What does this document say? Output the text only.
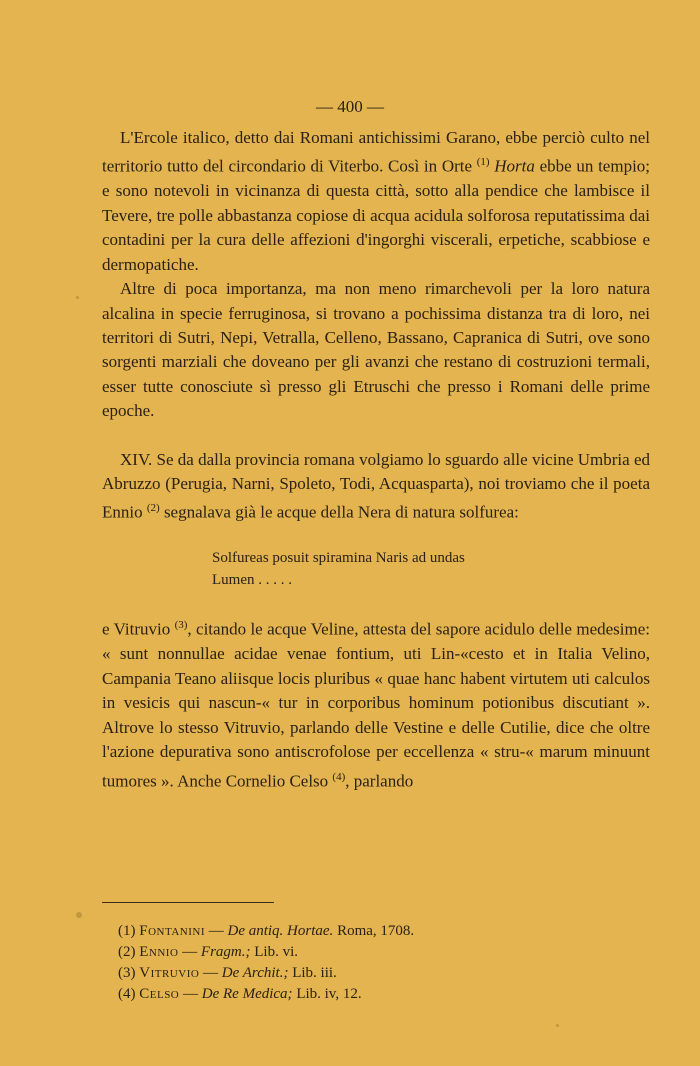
— 400 —

L'Ercole italico, detto dai Romani antichissimi Garano, ebbe perciò culto nel territorio tutto del circondario di Viterbo. Così in Orte $^{(1)}$ Horta ebbe un tempio; e sono notevoli in vicinanza di questa città, sotto alla pendice che lambisce il Tevere, tre polle abbastanza copiose di acqua acidula solforosa reputatissima dai contadini per la cura delle affezioni d'ingorghi viscerali, erpetiche, scabbiose e dermopatiche.

Altre di poca importanza, ma non meno rimarchevoli per la loro natura alcalina in specie ferruginosa, si trovano a pochissima distanza tra di loro, nei territori di Sutri, Nepi, Vetralla, Celleno, Bassano, Capranica di Sutri, ove sono sorgenti marziali che doveano per gli avanzi che restano di costruzioni termali, esser tutte conosciute sì presso gli Etruschi che presso i Romani delle prime epoche.

XIV. Se da dalla provincia romana volgiamo lo sguardo alle vicine Umbria ed Abruzzo (Perugia, Narni, Spoleto, Todi, Acquasparta), noi troviamo che il poeta Ennio $^{(2)}$ segnalava già le acque della Nera di natura solfurea:

Solfureas posuit spiramina Naris ad undas
Lumen . . . . .

e Vitruvio $^{(3)}$, citando le acque Veline, attesta del sapore acidulo delle medesime: « sunt nonnullae acidae venae fontium, uti Lin-«cesto et in Italia Velino, Campania Teano aliisque locis pluribus « quae hanc habent virtutem uti calculos in vesicis qui nascun-« tur in corporibus hominum potionibus discutiant ». Altrove lo stesso Vitruvio, parlando delle Vestine e delle Cutilie, dice che oltre l'azione depurativa sono antiscrofolose per eccellenza « stru-« marum minuunt tumores ». Anche Cornelio Celso $^{(4)}$, parlando

(1) Fontanini — De antiq. Hortae. Roma, 1708.
(2) Ennio — Fragm.; Lib. vi.
(3) Vitruvio — De Archit.; Lib. iii.
(4) Celso — De Re Medica; Lib. iv, 12.
